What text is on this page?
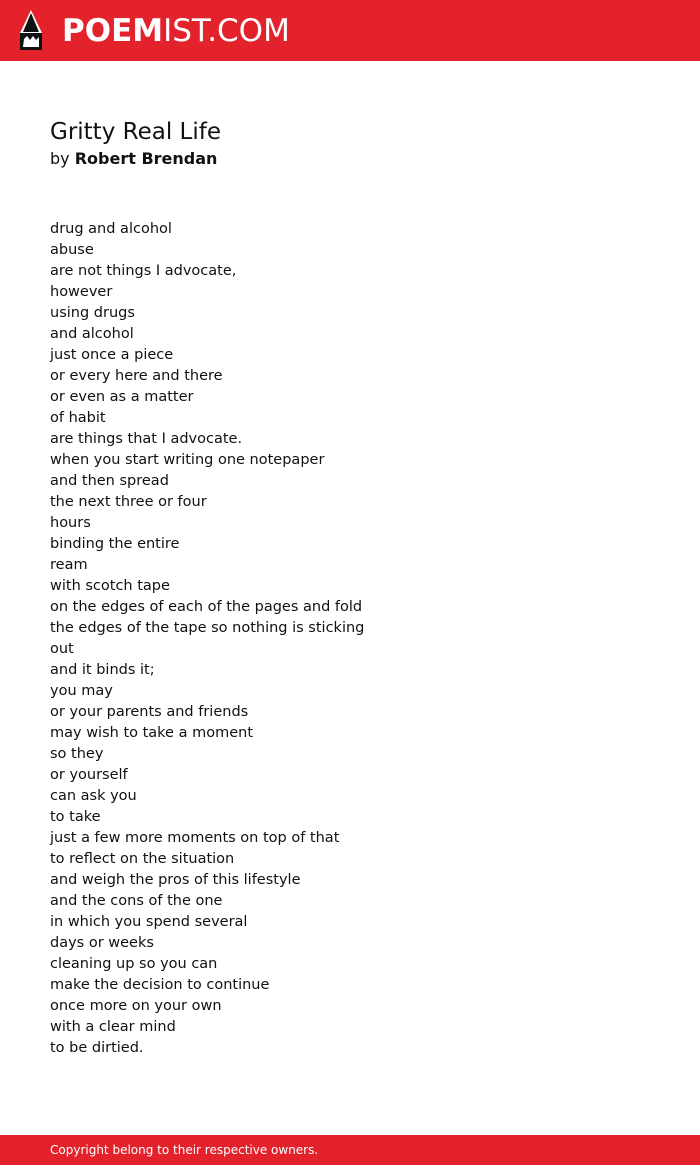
POEMIST.COM
Gritty Real Life
by Robert Brendan
drug and alcohol
abuse
are not things I advocate,
however
using drugs
and alcohol
just once a piece
or every here and there
or even as a matter
of habit
are things that I advocate.
when you start writing one notepaper
and then spread
the next three or four
hours
binding the entire
ream
with scotch tape
on the edges of each of the pages and fold
the edges of the tape so nothing is sticking
out
and it binds it;
you may
or your parents and friends
may wish to take a moment
so they
or yourself
can ask you
to take
just a few more moments on top of that
to reflect on the situation
and weigh the pros of this lifestyle
and the cons of the one
in which you spend several
days or weeks
cleaning up so you can
make the decision to continue
once more on your own
with a clear mind
to be dirtied.
Copyright belong to their respective owners.
